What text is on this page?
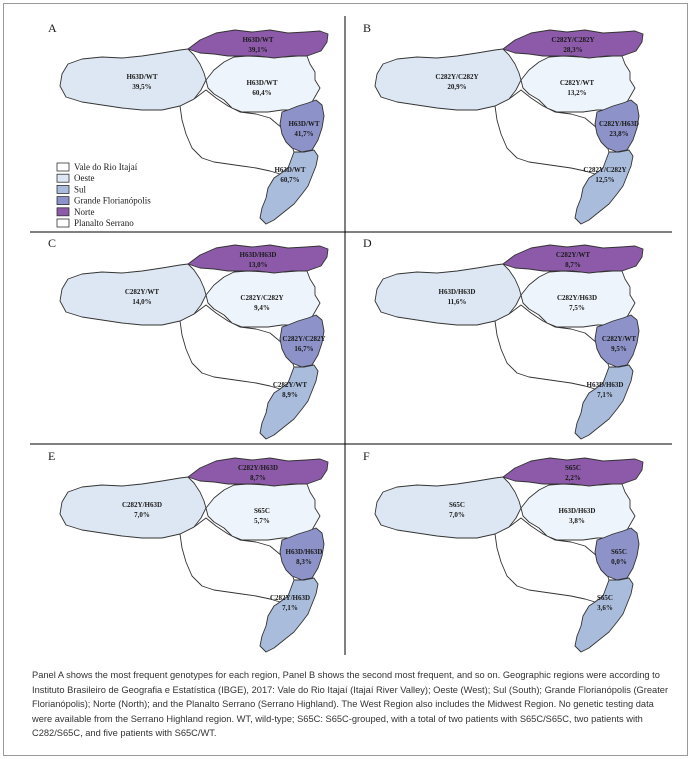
A
H63D/WT
39,5%
H63D/WT
39,1%
H63D/WT
60,4%
H63D/WT
41,7%
H63D/WT
60,7%
B
C282Y/C282Y
20,9%
C282Y/C282Y
28,3%
C282Y/WT
13,2%
C282Y/H63D
23,8%
C282Y/C282Y
12,5%
C
C282Y/WT
14,0%
H63D/H63D
13,0%
C282Y/C282Y
9,4%
C282Y/C282Y
16,7%
C282Y/WT
8,9%
D
H63D/H63D
11,6%
C282Y/WT
8,7%
C282Y/H63D
7,5%
C282Y/WT
9,5%
H63D/H63D
7,1%
E
C282Y/H63D
7,0%
C282Y/H63D
8,7%
S65C
5,7%
H63D/H63D
8,3%
C282Y/H63D
7,1%
F
S65C
7,0%
S65C
2,2%
H63D/H63D
3,8%
S65C
0,0%
S65C
3,6%
Vale do Rio Itajaí
Oeste
Sul
Grande Florianópolis
Norte
Planalto Serrano

Panel A shows the most frequent genotypes for each region, Panel B shows the second most frequent, and so on. Geographic regions were according to Instituto Brasileiro de Geografia e Estatística (IBGE), 2017: Vale do Rio Itajaí (Itajaí River Valley); Oeste (West); Sul (South); Grande Florianópolis (Greater Florianópolis); Norte (North); and the Planalto Serrano (Serrano Highland). The West Region also includes the Midwest Region. No genetic testing data were available from the Serrano Highland region. WT, wild-type; S65C: S65C-grouped, with a total of two patients with S65C/S65C, two patients with C282/S65C, and five patients with S65C/WT.
